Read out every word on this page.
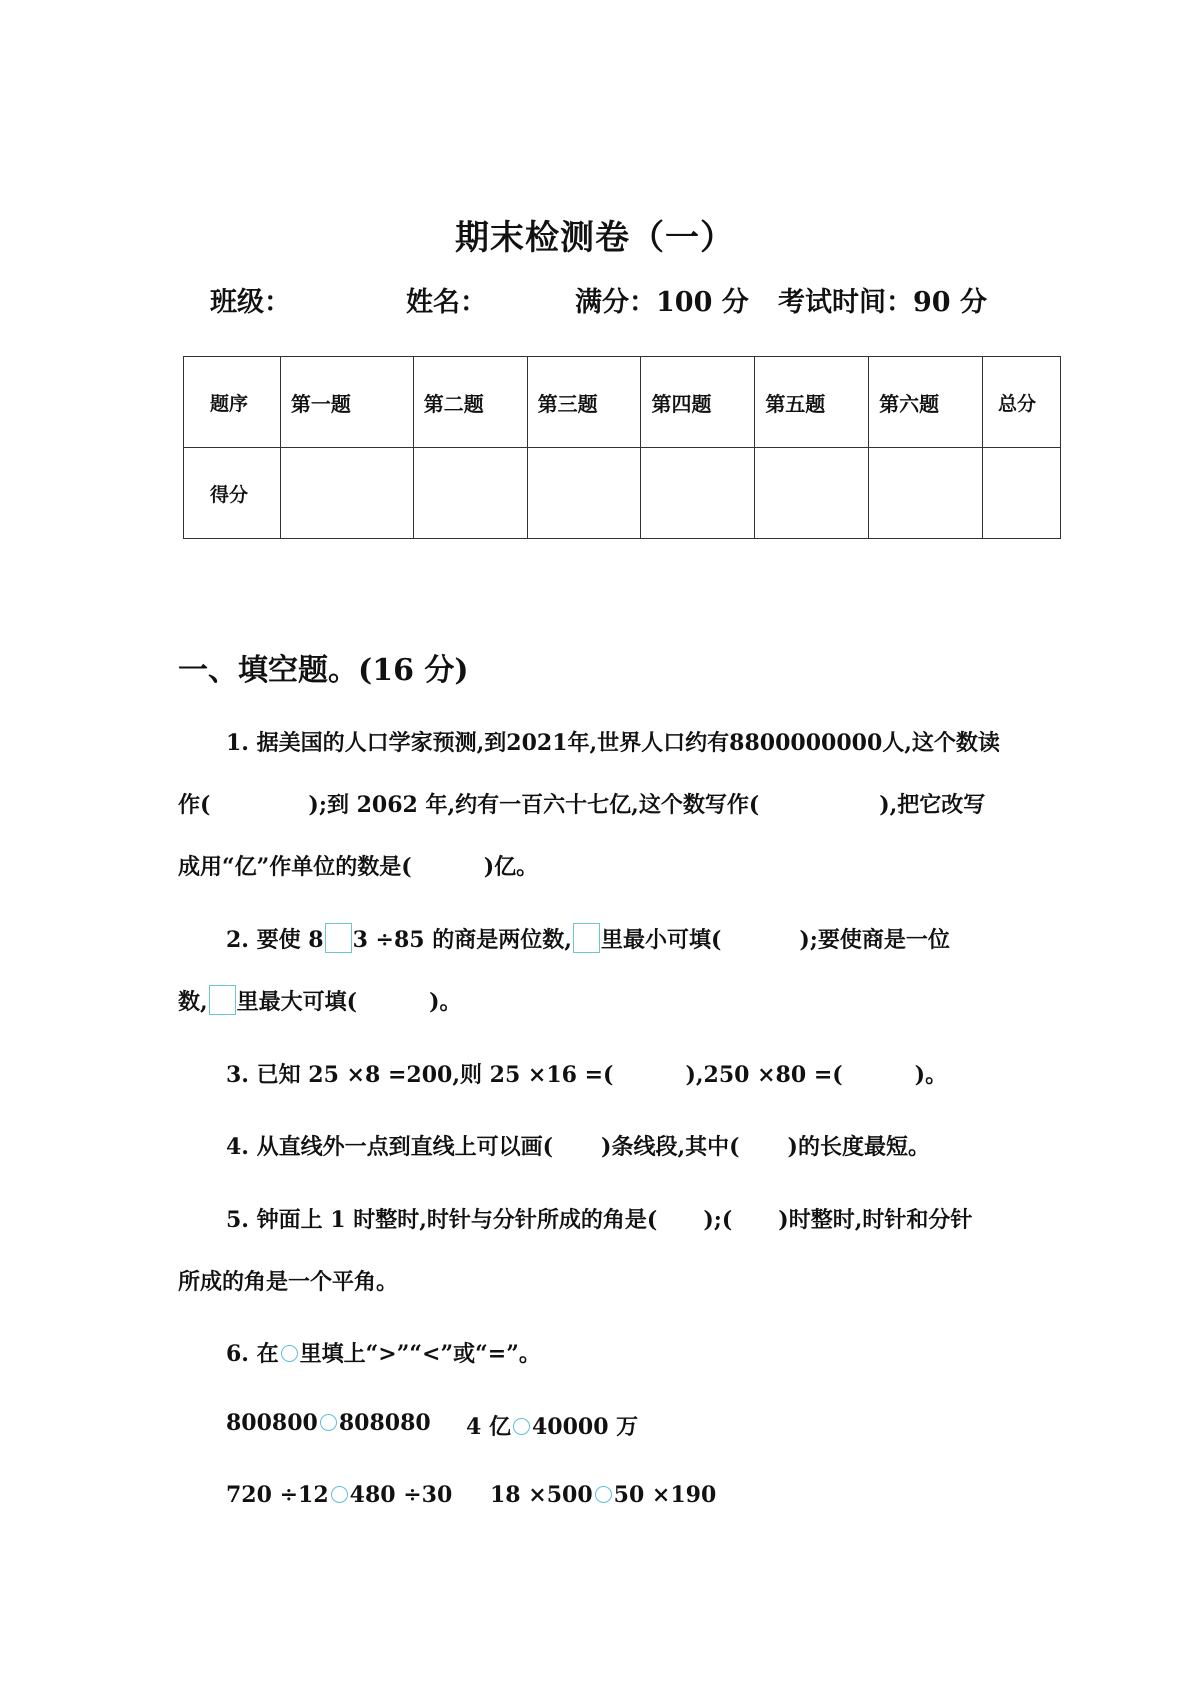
期末检测卷（一）
班级：	姓名：	满分：100 分 考试时间：90 分
题序	第一题	第二题	第三题	第四题	第五题	第六题	总分
得分							
一、填空题。(16 分)
1. 据美国的人口学家预测,到2021年,世界人口约有8800000000人,这个数读
作(	);到 2062 年,约有一百六十七亿,这个数写作(	),把它改写
成用“亿”作单位的数是(	)亿。
2. 要使 8 3 ÷85 的商是两位数, 里最小可填(	);要使商是一位
数, 里最大可填(	)。
3. 已知 25 ×8 =200,则 25 ×16 =(	),250 ×80 =(	)。
4. 从直线外一点到直线上可以画( )条线段,其中( )的长度最短。
5. 钟面上 1 时整时,时针与分针所成的角是( );( )时整时,时针和分针
所成的角是一个平角。
6. 在 里填上“>”“<”或“=”。
800800 808080 4 亿 40000 万
720 ÷12 480 ÷30 18 ×500 50 ×190
